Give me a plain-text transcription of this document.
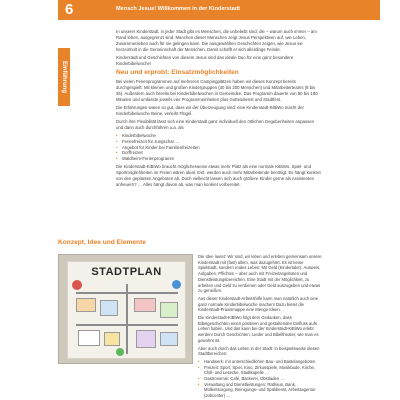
6	Mensch Jesus! Willkommen in der Kinderstadt
Einführung

In unserer Kinderstadt, in jeder Stadt gibt es Menschen, die unbeliebt sind, die – warum auch immer – am Rand leben, ausgegrenzt sind. Manchen dieser Menschen zeigt Jesus Perspektiven auf, wie Leben, Zusammenleben auch für sie gelingen kann. Die ausgewählten Geschichten zeigen, wie Jesus sie herzeinholt in die Gemeinschaft der Menschen. Damit schafft er sich allerdings Feinde.

Kinderstadt und Geschichten von diesem Jesus sind das ideale Duo für eine ganz besondere Kinderbibelwoche!

Neu und erprobt: Einsatzmöglichkeiten

Bei vielen Ferienprogrammen auf mehreren Campingplätzen haben wir dieses Konzept bereits durchgespielt: Mit kleinen und großen Kindergruppen (30 bis 200 Menschen) und Mitarbeiterteams (8 bis 35). Außerdem auch bereits bei Kinderbibelwochen in Gemeinden. Das Programm dauerte von 90 bis 180 Minuten und umfasste jeweils vier Programmeinheiten plus Gottesdienst und Stadtfest.

Die Erfahrungen waren so gut, dass wir der Überzeugung sind: eine Kinderstadt-KiBiWo macht der Kinderbibelwoche Beine, verleiht Flügel.

Durch ihre Flexibilität lässt sich eine Kinderstadt ganz individuell den örtlichen Gegebenheiten anpassen und dann auch durchführen u.a. als

• Kinderbibelwoche
• Ferienfreizeit für Jungschar …
• Angebot für Kinder bei Familienfreizeiten
• Dorffreizeit
• Waldheim-Ferienprogramm

Die Kinderstadt-KiBiWo braucht möglicherweise etwas mehr Platz als eine normale KiBiWo. Spiel- und Sportmöglichkeiten im Freien wären ideal. Evtl. werden auch mehr Mitarbeitende benötigt. Es hängt konkret von den geplanten Angeboten ab. Doch vielleicht lassen sich auch größere Kinder gerne als Assistenten anheuern? … Alles hängt davon ab, was man konkret vorbereitet.

Konzept, Idee und Elemente
STADTPLAN

Die Idee lautet: Wir sind, wir leben und erleben gemeinsam unsere Kinderstadt mit (fast) allem, was dazugehört. Es ist keine Spielstadt, sondern reales Leben: Mit Geld (Kindertaler), Ausweis, Aufgaben, Pflichten – aber auch mit Freizeitangeboten und Dienstleistungsbereichen. Eine Stadt mit der Möglichkeit, zu arbeiten und Geld zu verdienen oder Geld auszugeben und etwas zu genießen.

Aus dieser Kinderstadt-Arbeitshilfe kann man natürlich auch eine ganz normale Kinderbibelwoche machen! Dazu bietet die Kinderstadt-Praxismappe eine Menge Ideen.

Die Kinderstadt-KiBiWo folgt dem Gedanken, dass Bibelgeschichten einen positiven und gestaltenden Einfluss aufs Leben haben. Und das kann bei der Kinderstadt-KiBiWo erlebt werden! Durch Geschichten, Lieder und Bibeltheater, wie man es gewohnt ist.

Aber auch durch das Leben in der Stadt: In beispielsweise diesen Stadtbereichen:

• Handwerk: mit unterschiedlichen Bau- und Bastelangeboten
• Freizeit: Sport, Spiel, Kino, Zirkusspiele, Musikbude, Kirche, Chill- und Lesecke, Stadtkapelle …
• Gastronomie: Café, Bäckerei, Obstladen …
• Verwaltung und Dienstleistungen: Rathaus, Bank, Müllentsorgung, Reinigungs- und Spüldienst, Arbeitsagentur (Jobcenter) …
